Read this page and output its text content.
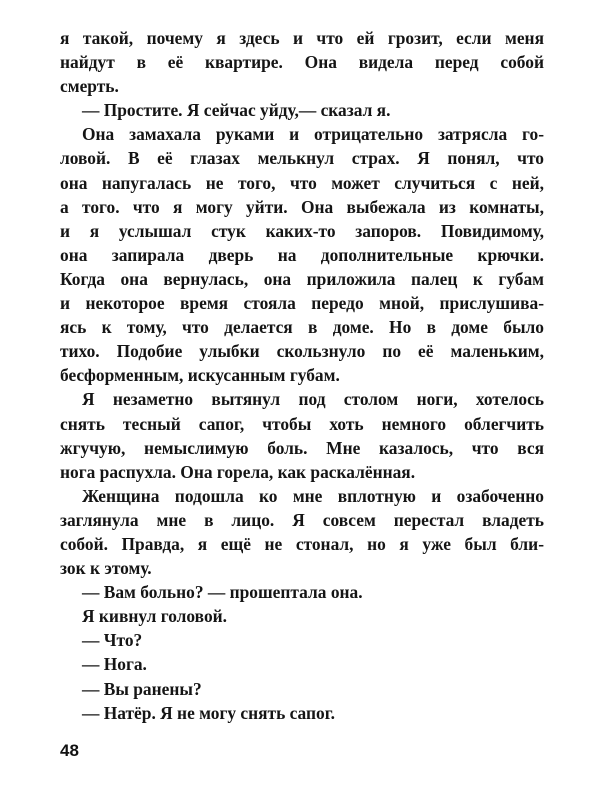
я такой, почему я здесь и что ей грозит, если меня
найдут в её квартире. Она видела перед собой
смерть.
— Простите. Я сейчас уйду,— сказал я.
Она замахала руками и отрицательно затрясла го-
ловой. В её глазах мелькнул страх. Я понял, что
она напугалась не того, что может случиться с ней,
а того. что я могу уйти. Она выбежала из комнаты,
и я услышал стук каких-то запоров. Повидимому,
она запирала дверь на дополнительные крючки.
Когда она вернулась, она приложила палец к губам
и некоторое время стояла передо мной, прислушива-
ясь к тому, что делается в доме. Но в доме было
тихо. Подобие улыбки скользнуло по её маленьким,
бесформенным, искусанным губам.
Я незаметно вытянул под столом ноги, хотелось
снять тесный сапог, чтобы хоть немного облегчить
жгучую, немыслимую боль. Мне казалось, что вся
нога распухла. Она горела, как раскалённая.
Женщина подошла ко мне вплотную и озабоченно
заглянула мне в лицо. Я совсем перестал владеть
собой. Правда, я ещё не стонал, но я уже был бли-
зок к этому.
— Вам больно? — прошептала она.
Я кивнул головой.
— Что?
— Нога.
— Вы ранены?
— Натёр. Я не могу снять сапог.
48
